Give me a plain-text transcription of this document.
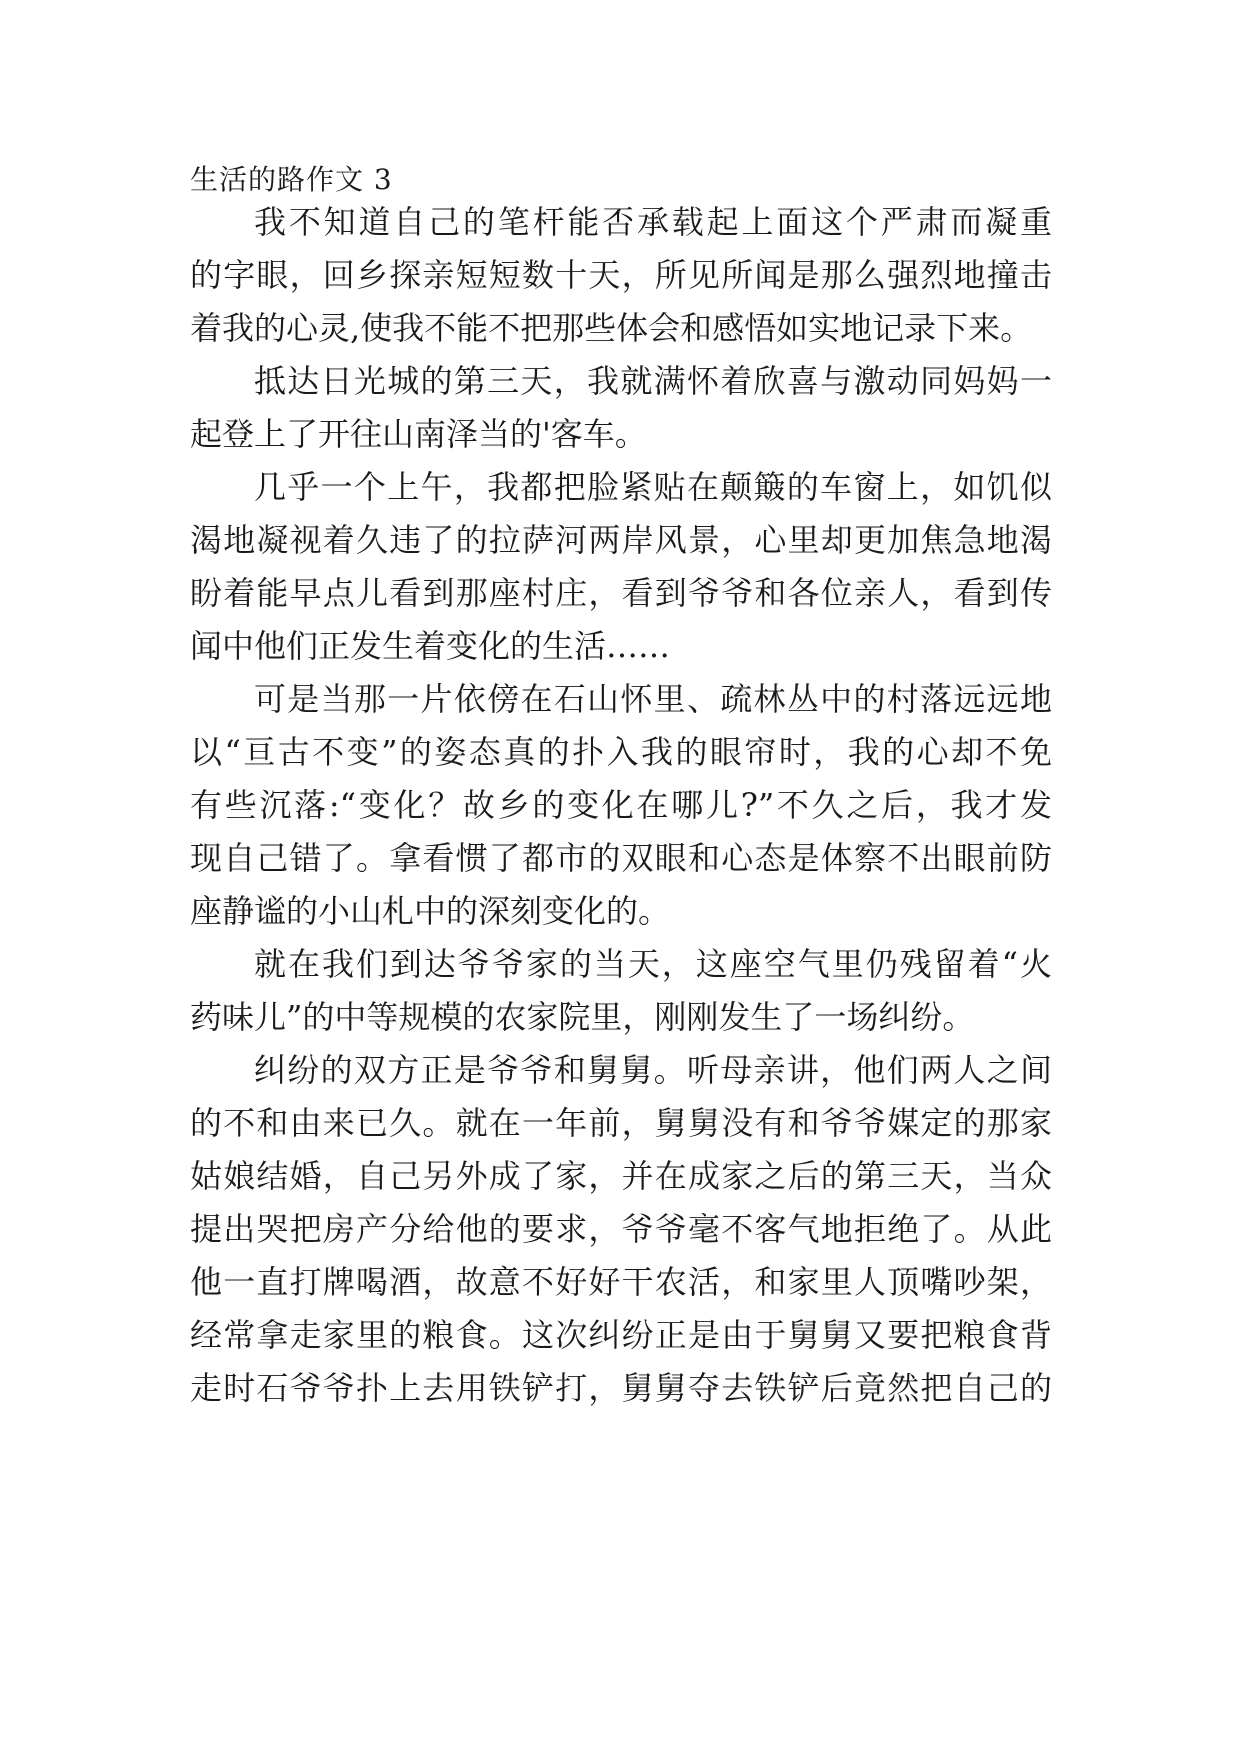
生活的路作文 3
我不知道自己的笔杆能否承载起上面这个严肃而凝重
的字眼，回乡探亲短短数十天，所见所闻是那么强烈地撞击
着我的心灵,使我不能不把那些体会和感悟如实地记录下来。
抵达日光城的第三天，我就满怀着欣喜与激动同妈妈一
起登上了开往山南泽当的'客车。
几乎一个上午，我都把脸紧贴在颠簸的车窗上，如饥似
渴地凝视着久违了的拉萨河两岸风景，心里却更加焦急地渴
盼着能早点儿看到那座村庄，看到爷爷和各位亲人，看到传
闻中他们正发生着变化的生活……
可是当那一片依傍在石山怀里、疏林丛中的村落远远地
以“亘古不变”的姿态真的扑入我的眼帘时，我的心却不免
有些沉落:“变化？故乡的变化在哪儿?”不久之后，我才发
现自己错了。拿看惯了都市的双眼和心态是体察不出眼前防
座静谧的小山札中的深刻变化的。
就在我们到达爷爷家的当天，这座空气里仍残留着“火
药味儿”的中等规模的农家院里，刚刚发生了一场纠纷。
纠纷的双方正是爷爷和舅舅。听母亲讲，他们两人之间
的不和由来已久。就在一年前，舅舅没有和爷爷媒定的那家
姑娘结婚，自己另外成了家，并在成家之后的第三天，当众
提出哭把房产分给他的要求，爷爷毫不客气地拒绝了。从此
他一直打牌喝酒，故意不好好干农活，和家里人顶嘴吵架，
经常拿走家里的粮食。这次纠纷正是由于舅舅又要把粮食背
走时石爷爷扑上去用铁铲打，舅舅夺去铁铲后竟然把自己的
